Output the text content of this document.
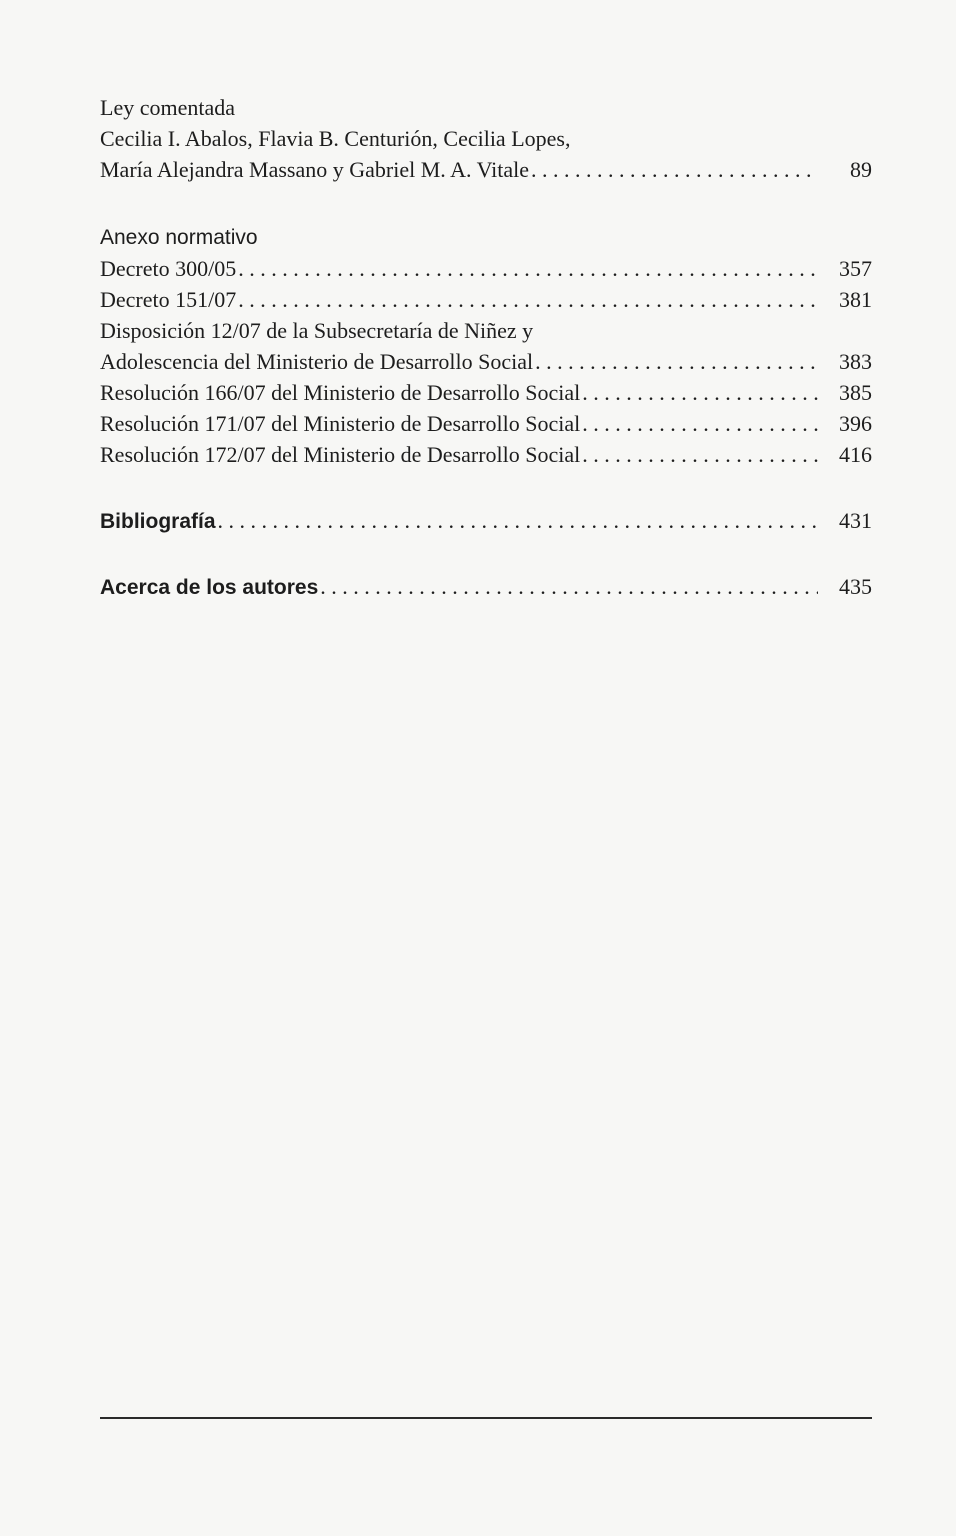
Ley comentada
Cecilia I. Abalos, Flavia B. Centurión, Cecilia Lopes,
María Alejandra Massano y Gabriel M. A. Vitale . . .	89
Anexo normativo
Decreto 300/05 . . .	357
Decreto 151/07 . . .	381
Disposición 12/07 de la Subsecretaría de Niñez y
Adolescencia del Ministerio de Desarrollo Social . . .	383
Resolución 166/07 del Ministerio de Desarrollo Social . . .	385
Resolución 171/07 del Ministerio de Desarrollo Social . . .	396
Resolución 172/07 del Ministerio de Desarrollo Social . . .	416
Bibliografía . . .	431
Acerca de los autores . . .	435
